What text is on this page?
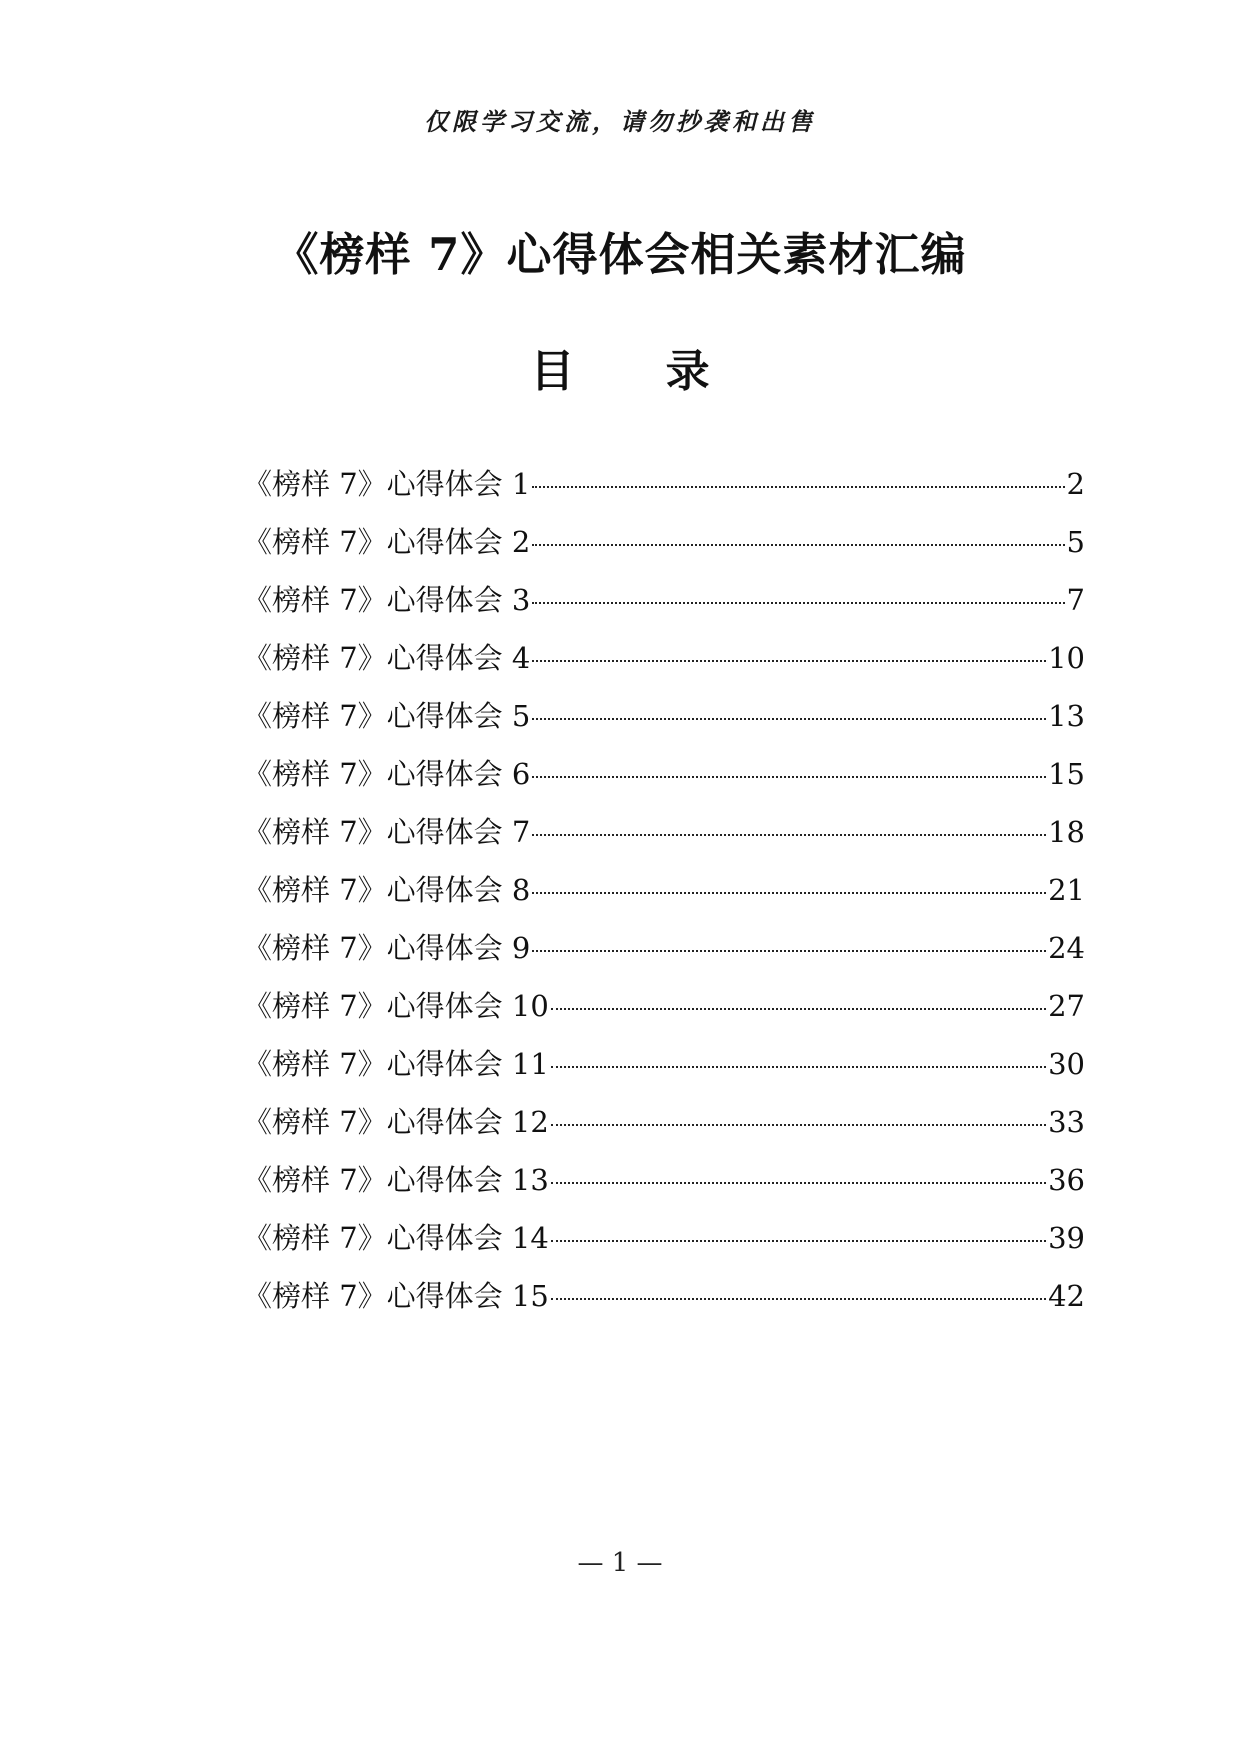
仅限学习交流，请勿抄袭和出售
《榜样 7》心得体会相关素材汇编
目 录
《榜样 7》心得体会 1	2
《榜样 7》心得体会 2	5
《榜样 7》心得体会 3	7
《榜样 7》心得体会 4	10
《榜样 7》心得体会 5	13
《榜样 7》心得体会 6	15
《榜样 7》心得体会 7	18
《榜样 7》心得体会 8	21
《榜样 7》心得体会 9	24
《榜样 7》心得体会 10	27
《榜样 7》心得体会 11	30
《榜样 7》心得体会 12	33
《榜样 7》心得体会 13	36
《榜样 7》心得体会 14	39
《榜样 7》心得体会 15	42
— 1 —
